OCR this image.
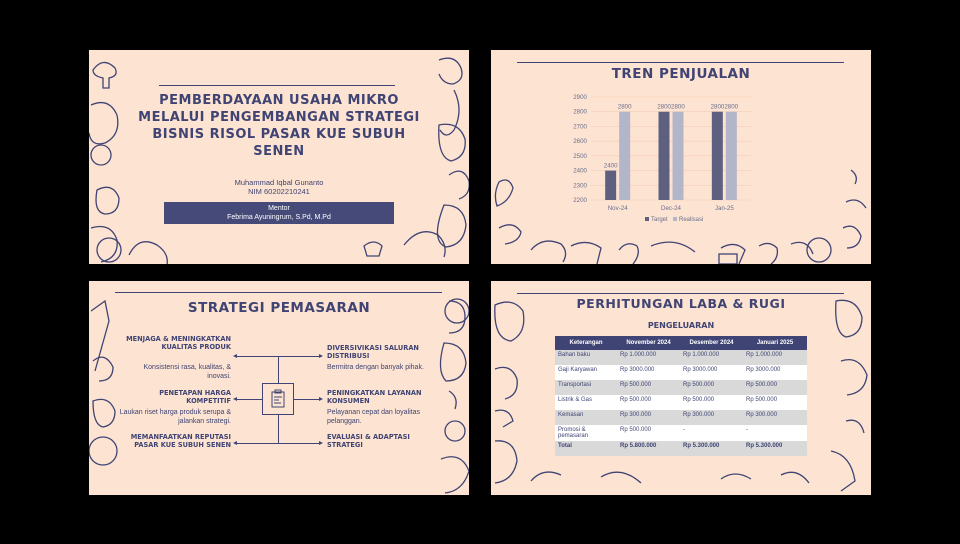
PEMBERDAYAAN USAHA MIKRO MELALUI PENGEMBANGAN STRATEGI BISNIS RISOL PASAR KUE SUBUH SENEN
Muhammad Iqbal Gunanto
NIM 60202210241
Mentor
Febrima Ayuningrum, S.Pd, M.Pd
TREN PENJUALAN
2200
2300
2400
2500
2600
2700
2800
2900
2400
2800
Nov-24
28002800
Dec-24
28002800
Jan-25
Target Realisasi
STRATEGI PEMASARAN
MENJAGA & MENINGKATKAN KUALITAS PRODUK
Konsistensi rasa, kualitas, & inovasi.
PENETAPAN HARGA KOMPETITIF
Laukan riset harga produk serupa & jalankan strategi.
MEMANFAATKAN REPUTASI PASAR KUE SUBUH SENEN
DIVERSIVIKASI SALURAN DISTRIBUSI
Bermitra dengan banyak pihak.
PENINGKATKAN LAYANAN KONSUMEN
Pelayanan cepat dan loyalitas pelanggan.
EVALUASI & ADAPTASI STRATEGI
PERHITUNGAN LABA & RUGI
PENGELUARAN
Keterangan	November 2024	Desember 2024	Januari 2025
Bahan baku	Rp 1.000.000	Rp 1.000.000	Rp 1.000.000
Gaji Karyawan	Rp 3000.000	Rp 3000.000	Rp 3000.000
Transportasi	Rp 500.000	Rp 500.000	Rp 500.000
Listrik & Gas	Rp 500.000	Rp 500.000	Rp 500.000
Kemasan	Rp 300.000	Rp 300.000	Rp 300.000
Promosi & pemasaran	Rp 500.000	-	-
Total	Rp 5.800.000	Rp 5.300.000	Rp 5.300.000
